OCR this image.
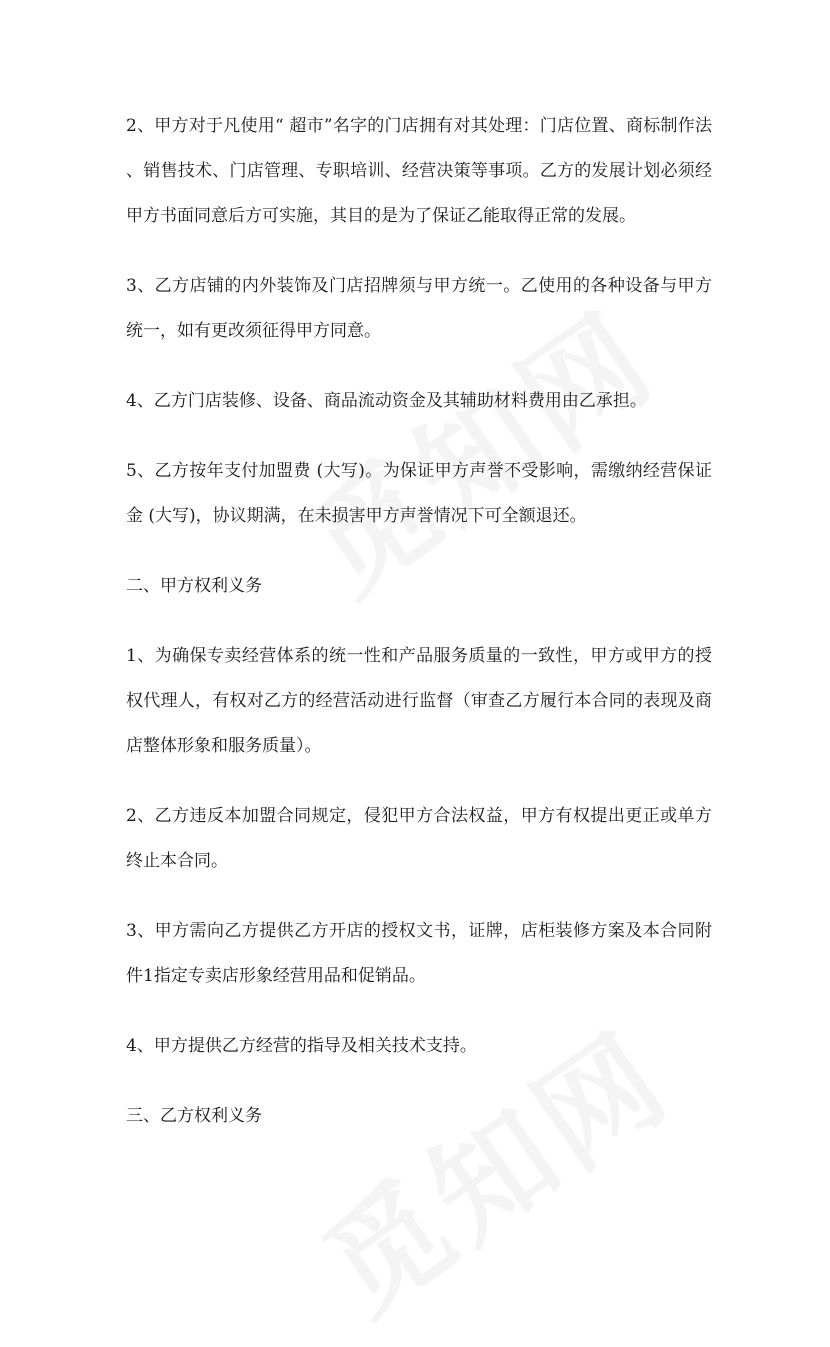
2、甲方对于凡使用“ 超市”名字的门店拥有对其处理：门店位置、商标制作法、销售技术、门店管理、专职培训、经营决策等事项。乙方的发展计划必须经甲方书面同意后方可实施，其目的是为了保证乙能取得正常的发展。

3、乙方店铺的内外装饰及门店招牌须与甲方统一。乙使用的各种设备与甲方统一，如有更改须征得甲方同意。

4、乙方门店装修、设备、商品流动资金及其辅助材料费用由乙承担。

5、乙方按年支付加盟费 (大写)。为保证甲方声誉不受影响，需缴纳经营保证金 (大写)，协议期满，在未损害甲方声誉情况下可全额退还。

二、甲方权利义务

1、为确保专卖经营体系的统一性和产品服务质量的一致性，甲方或甲方的授权代理人，有权对乙方的经营活动进行监督（审查乙方履行本合同的表现及商店整体形象和服务质量）。

2、乙方违反本加盟合同规定，侵犯甲方合法权益，甲方有权提出更正或单方终止本合同。

3、甲方需向乙方提供乙方开店的授权文书，证牌，店柜装修方案及本合同附件1指定专卖店形象经营用品和促销品。

4、甲方提供乙方经营的指导及相关技术支持。

三、乙方权利义务
